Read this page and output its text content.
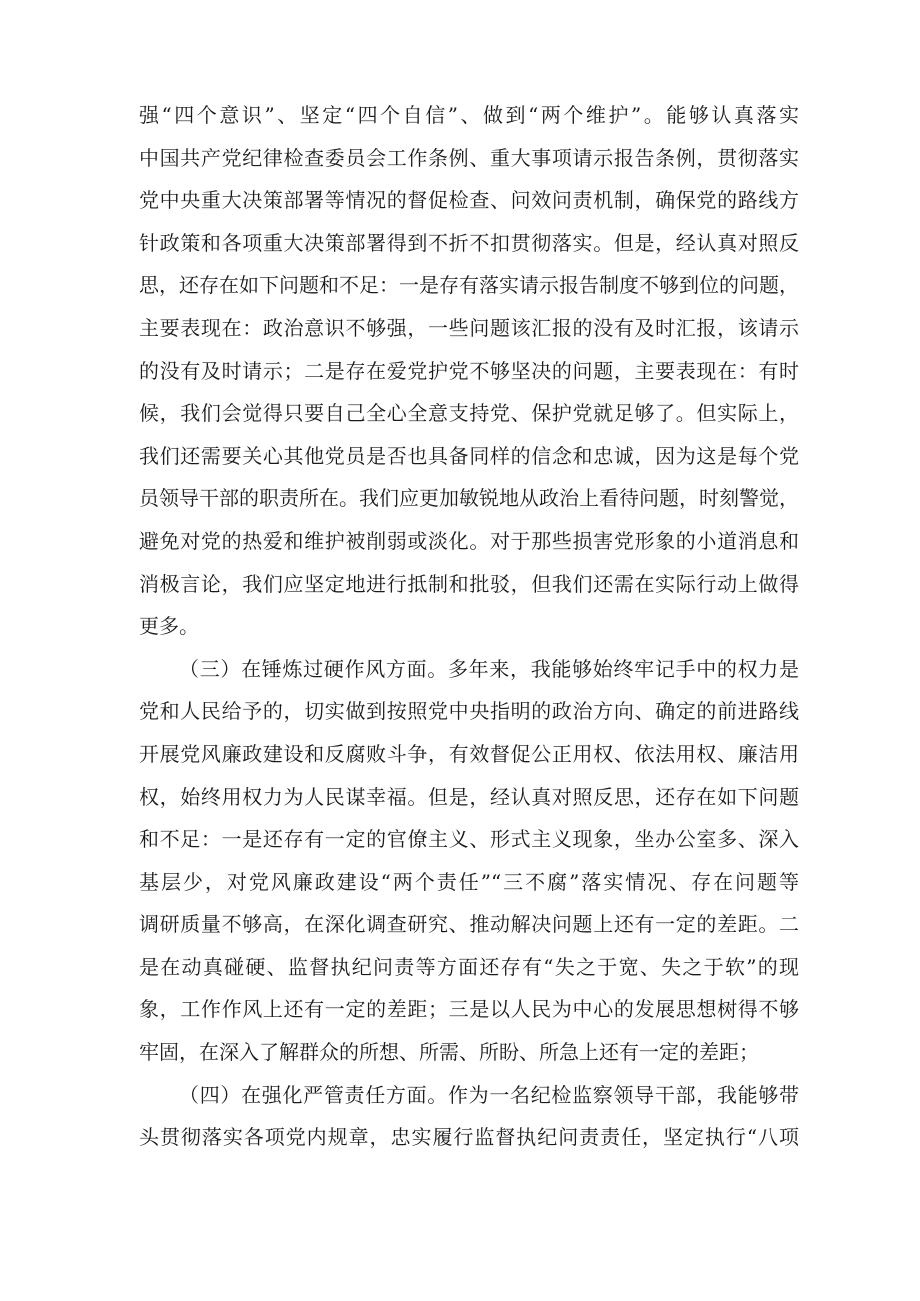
强“四个意识”、坚定“四个自信”、做到“两个维护”。能够认真落实
中国共产党纪律检查委员会工作条例、重大事项请示报告条例，贯彻落实
党中央重大决策部署等情况的督促检查、问效问责机制，确保党的路线方
针政策和各项重大决策部署得到不折不扣贯彻落实。但是，经认真对照反
思，还存在如下问题和不足：一是存有落实请示报告制度不够到位的问题，
主要表现在：政治意识不够强，一些问题该汇报的没有及时汇报，该请示
的没有及时请示；二是存在爱党护党不够坚决的问题，主要表现在：有时
候，我们会觉得只要自己全心全意支持党、保护党就足够了。但实际上，
我们还需要关心其他党员是否也具备同样的信念和忠诚，因为这是每个党
员领导干部的职责所在。我们应更加敏锐地从政治上看待问题，时刻警觉，
避免对党的热爱和维护被削弱或淡化。对于那些损害党形象的小道消息和
消极言论，我们应坚定地进行抵制和批驳，但我们还需在实际行动上做得
更多。
（三）在锤炼过硬作风方面。多年来，我能够始终牢记手中的权力是
党和人民给予的，切实做到按照党中央指明的政治方向、确定的前进路线
开展党风廉政建设和反腐败斗争，有效督促公正用权、依法用权、廉洁用
权，始终用权力为人民谋幸福。但是，经认真对照反思，还存在如下问题
和不足：一是还存有一定的官僚主义、形式主义现象，坐办公室多、深入
基层少，对党风廉政建设“两个责任”“三不腐”落实情况、存在问题等
调研质量不够高，在深化调查研究、推动解决问题上还有一定的差距。二
是在动真碰硬、监督执纪问责等方面还存有“失之于宽、失之于软”的现
象，工作作风上还有一定的差距；三是以人民为中心的发展思想树得不够
牢固，在深入了解群众的所想、所需、所盼、所急上还有一定的差距；
（四）在强化严管责任方面。作为一名纪检监察领导干部，我能够带
头贯彻落实各项党内规章，忠实履行监督执纪问责责任，坚定执行“八项
